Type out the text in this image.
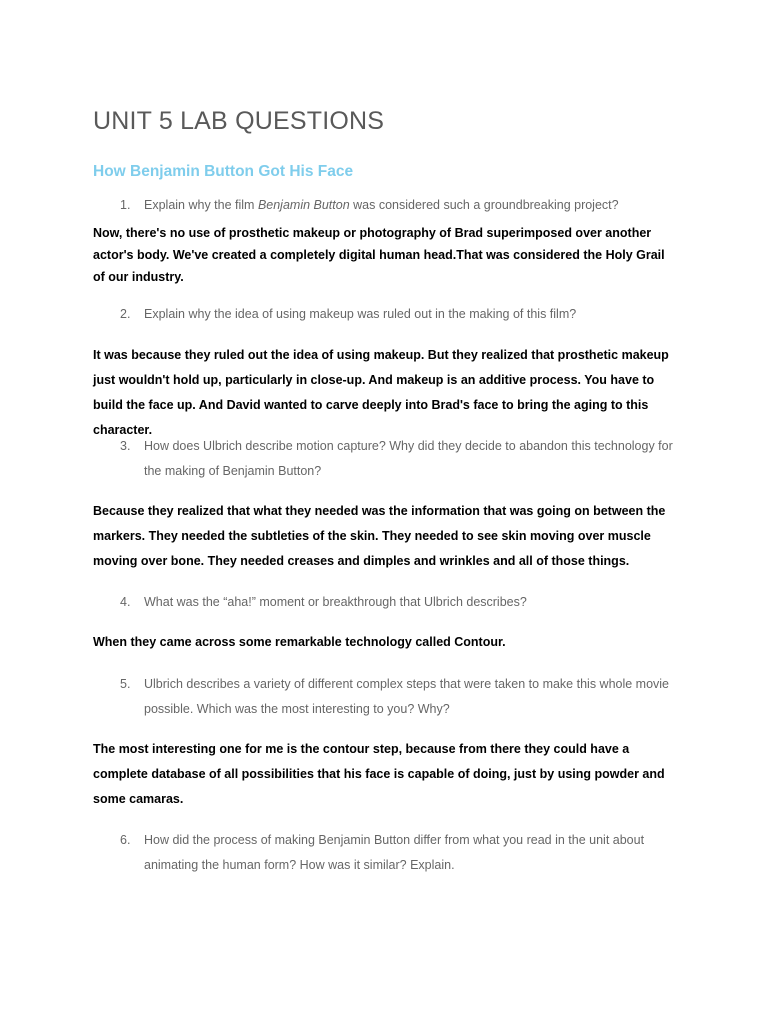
UNIT 5 LAB QUESTIONS
How Benjamin Button Got His Face
1. Explain why the film Benjamin Button was considered such a groundbreaking project?

Now, there's no use of prosthetic makeup or photography of Brad superimposed over another actor's body. We've created a completely digital human head.That was considered the Holy Grail of our industry.

2. Explain why the idea of using makeup was ruled out in the making of this film?

It was because they ruled out the idea of using makeup. But they realized that prosthetic makeup just wouldn't hold up, particularly in close-up. And makeup is an additive process. You have to build the face up. And David wanted to carve deeply into Brad's face to bring the aging to this character.

3. How does Ulbrich describe motion capture? Why did they decide to abandon this technology for the making of Benjamin Button?

Because they realized that what they needed was the information that was going on between the markers. They needed the subtleties of the skin. They needed to see skin moving over muscle moving over bone. They needed creases and dimples and wrinkles and all of those things.

4. What was the “aha!” moment or breakthrough that Ulbrich describes?

When they came across some remarkable technology called Contour.

5. Ulbrich describes a variety of different complex steps that were taken to make this whole movie possible. Which was the most interesting to you? Why?

The most interesting one for me is the contour step, because from there they could have a complete database of all possibilities that his face is capable of doing, just by using powder and some camaras.

6. How did the process of making Benjamin Button differ from what you read in the unit about animating the human form? How was it similar? Explain.
